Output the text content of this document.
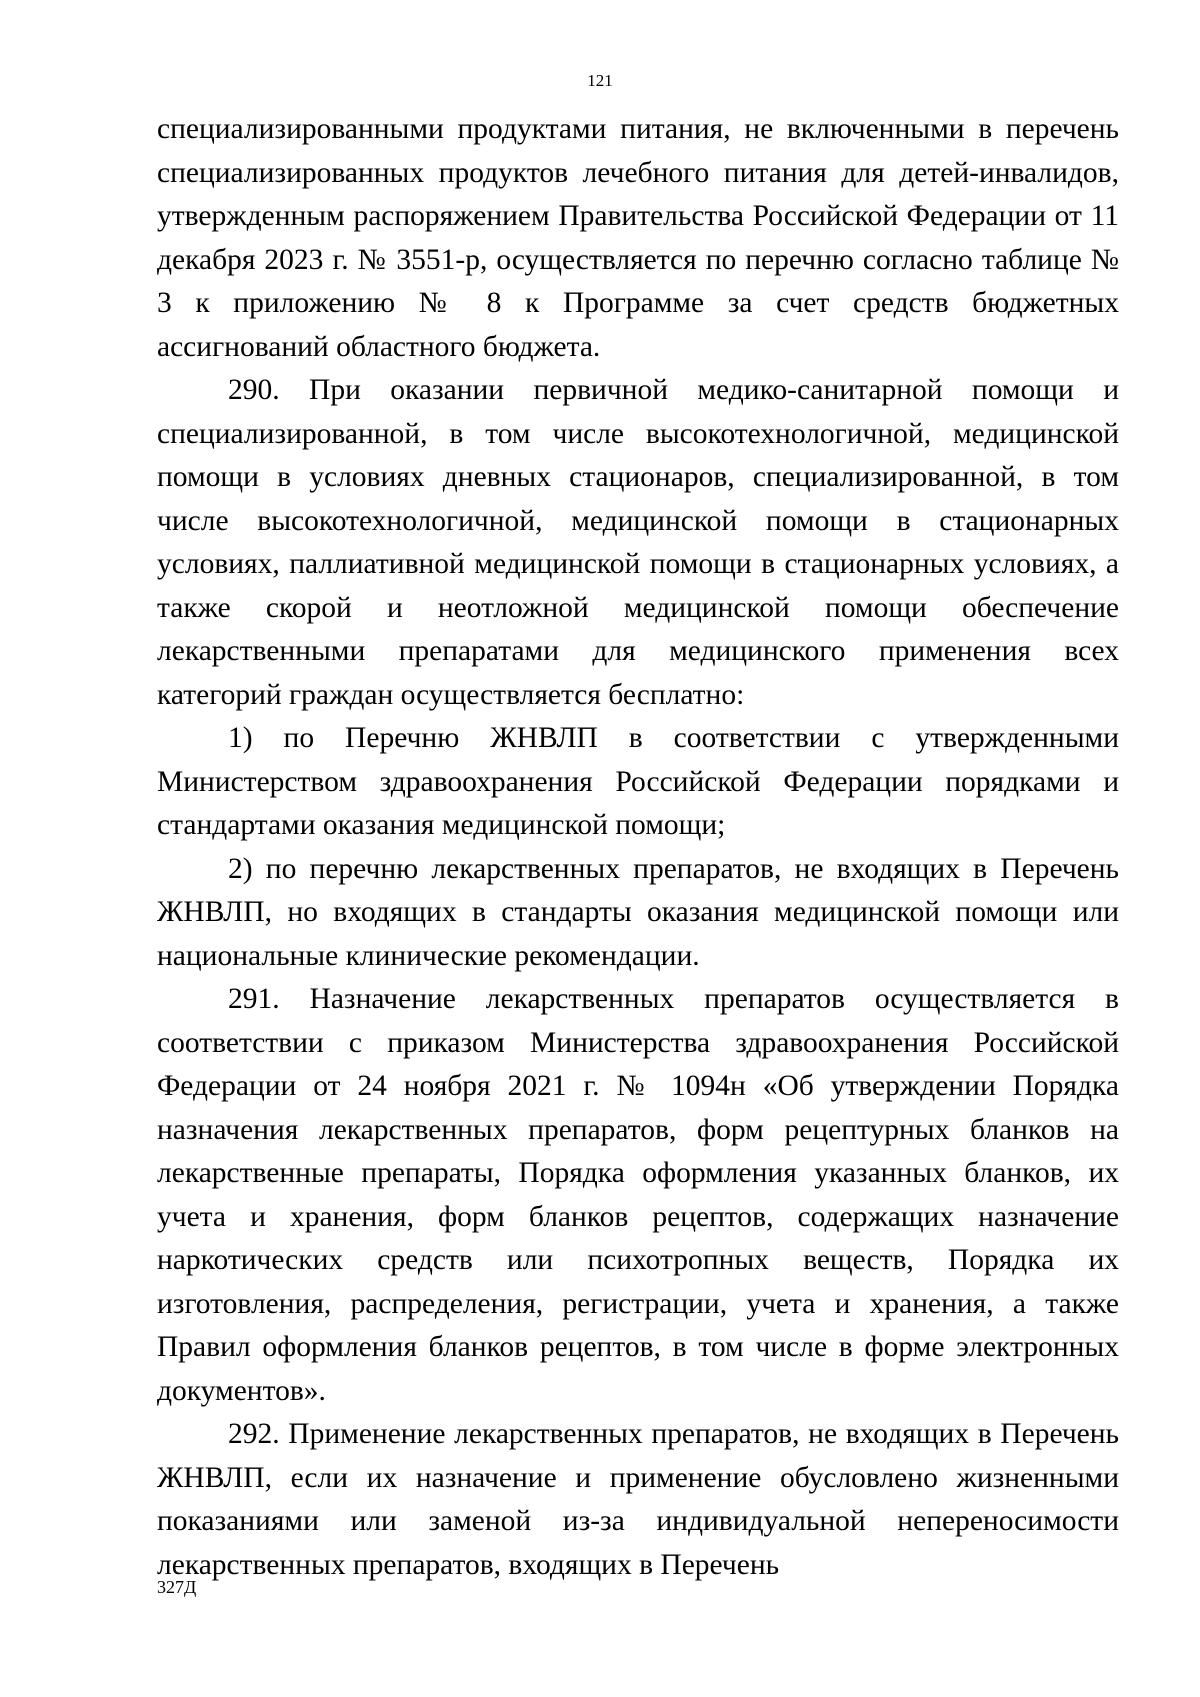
121

специализированными продуктами питания, не включенными в перечень специализированных продуктов лечебного питания для детей-инвалидов, утвержденным распоряжением Правительства Российской Федерации от 11 декабря 2023 г. № 3551-р, осуществляется по перечню согласно таблице № 3 к приложению № 8 к Программе за счет средств бюджетных ассигнований областного бюджета.

290. При оказании первичной медико-санитарной помощи и специализированной, в том числе высокотехнологичной, медицинской помощи в условиях дневных стационаров, специализированной, в том числе высокотехнологичной, медицинской помощи в стационарных условиях, паллиативной медицинской помощи в стационарных условиях, а также скорой и неотложной медицинской помощи обеспечение лекарственными препаратами для медицинского применения всех категорий граждан осуществляется бесплатно:

1) по Перечню ЖНВЛП в соответствии с утвержденными Министерством здравоохранения Российской Федерации порядками и стандартами оказания медицинской помощи;

2) по перечню лекарственных препаратов, не входящих в Перечень ЖНВЛП, но входящих в стандарты оказания медицинской помощи или национальные клинические рекомендации.

291. Назначение лекарственных препаратов осуществляется в соответствии с приказом Министерства здравоохранения Российской Федерации от 24 ноября 2021 г. № 1094н «Об утверждении Порядка назначения лекарственных препаратов, форм рецептурных бланков на лекарственные препараты, Порядка оформления указанных бланков, их учета и хранения, форм бланков рецептов, содержащих назначение наркотических средств или психотропных веществ, Порядка их изготовления, распределения, регистрации, учета и хранения, а также Правил оформления бланков рецептов, в том числе в форме электронных документов».

292. Применение лекарственных препаратов, не входящих в Перечень ЖНВЛП, если их назначение и применение обусловлено жизненными показаниями или заменой из-за индивидуальной непереносимости лекарственных препаратов, входящих в Перечень

327Д
